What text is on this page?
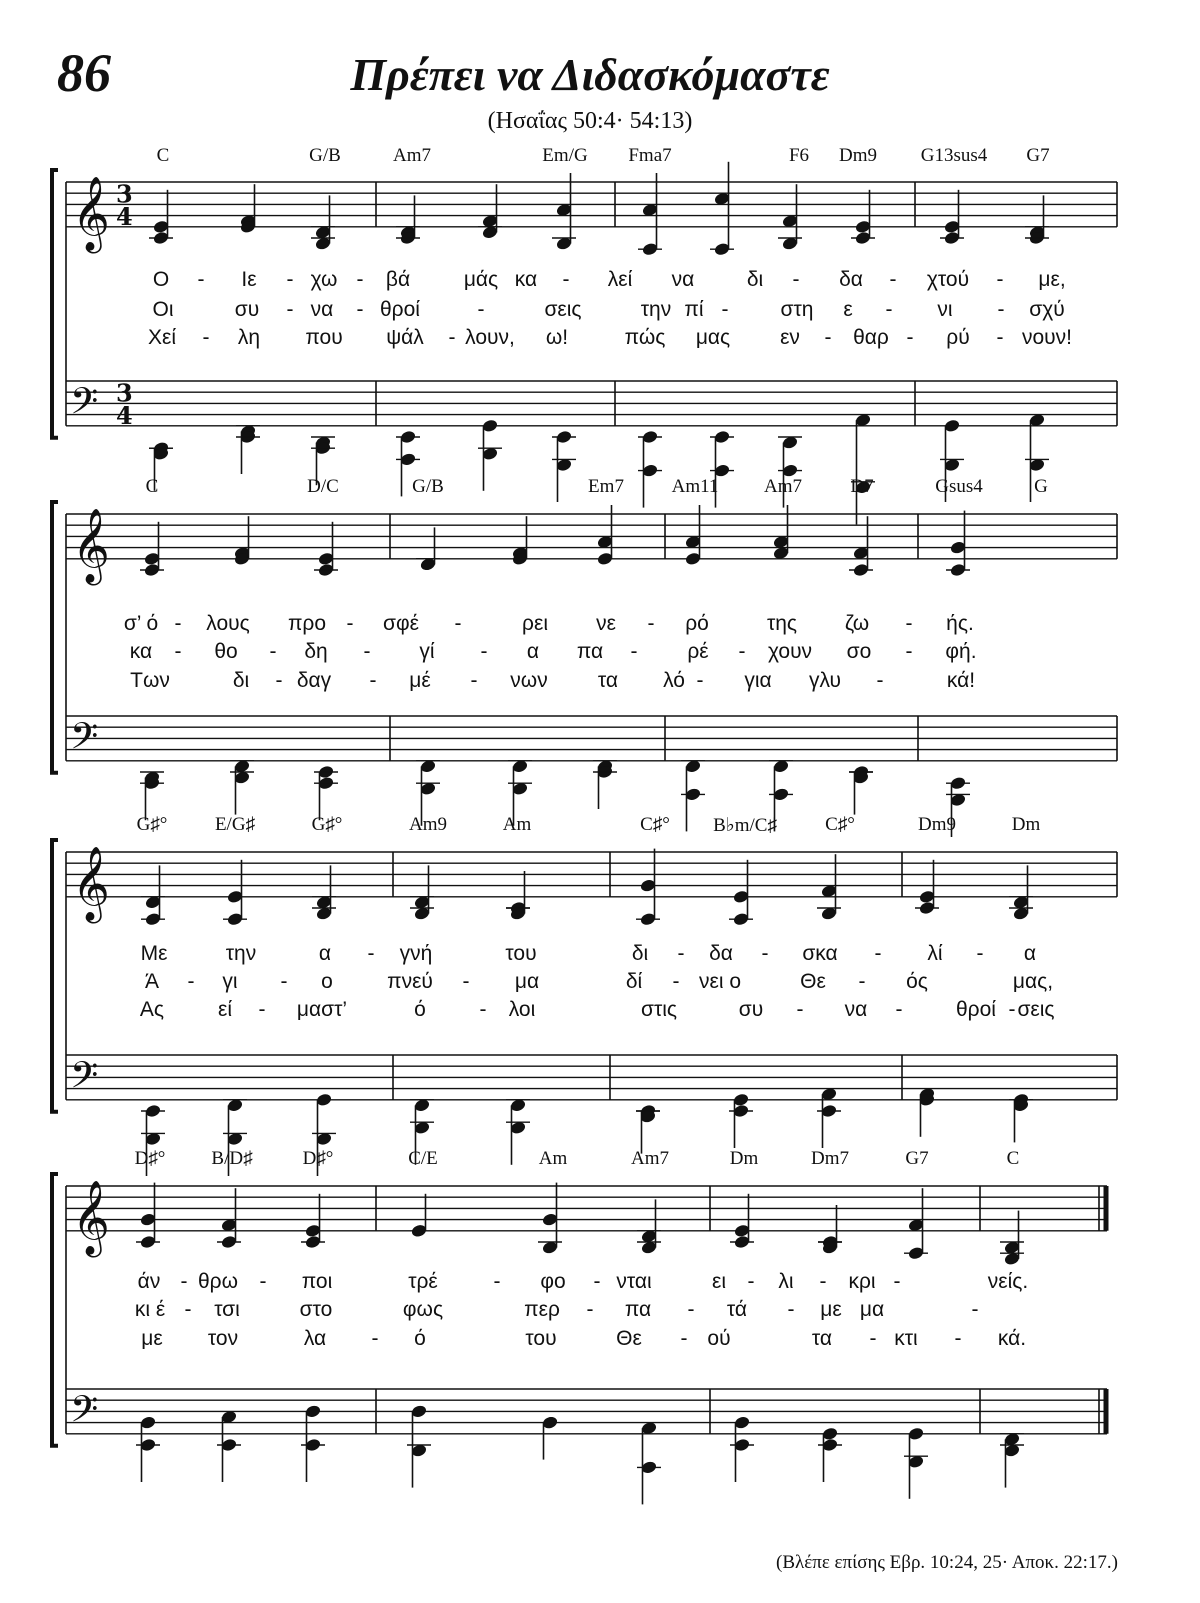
86	Πρέπει να Διδασκόμαστε
(Ησαΐας 50:4· 54:13)
𝄞
𝄢
3
4
3
4
𝄞
𝄢
𝄞
𝄢
𝄞
𝄢
C	G/B	Am7	Em/G Fma7	F6 Dm9 G13sus4 G7
Ο - Ιε - χω - βά	μάς κα - λεί να	δι - δα - χτού - με,
Οι	συ - να - θροί	-	σεις	την πί - στη ε - νι - σχύ
Χεί - λη που ψάλ - λουν, ω!	πώς μας εν - θαρ - ρύ - νουν!
C	D/C	G/B	Em7	Am11 Am7	D7	Gsus4	G
σ’ ό - λους προ - σφέ -	ρει νε - ρό	της ζω - ής.
κα - θο - δη - γί - α πα - ρέ - χουν σο - φή.
Των	δι - δαγ - μέ - νων τα λό - για γλυ -	κά!
G♯°	E/G♯	G♯°	Am9	Am	C♯° B♭m/C♯	C♯°	Dm9	Dm
Με	την	α - γνή	του	δι - δα - σκα - λί - α
Ά - γι - ο	πνεύ - μα	δί - νει ο	Θε - ός	μας,
Ας	εί - μαστ’	ό	- λοι	στις	συ - να -	θροί - σεις
D♯° B/D♯	D♯°	C/E	Am	Am7	Dm	Dm7	G7	C
άν - θρω - ποι	τρέ	- φο - νται	ει - λι - κρι -	νείς.
κι έ - τσι	στο	φως	περ - πα - τά - με μα	-
με τον	λα - ό	του	Θε - ού	τα - κτι - κά.
(Βλέπε επίσης Εβρ. 10:24, 25· Αποκ. 22:17.)
